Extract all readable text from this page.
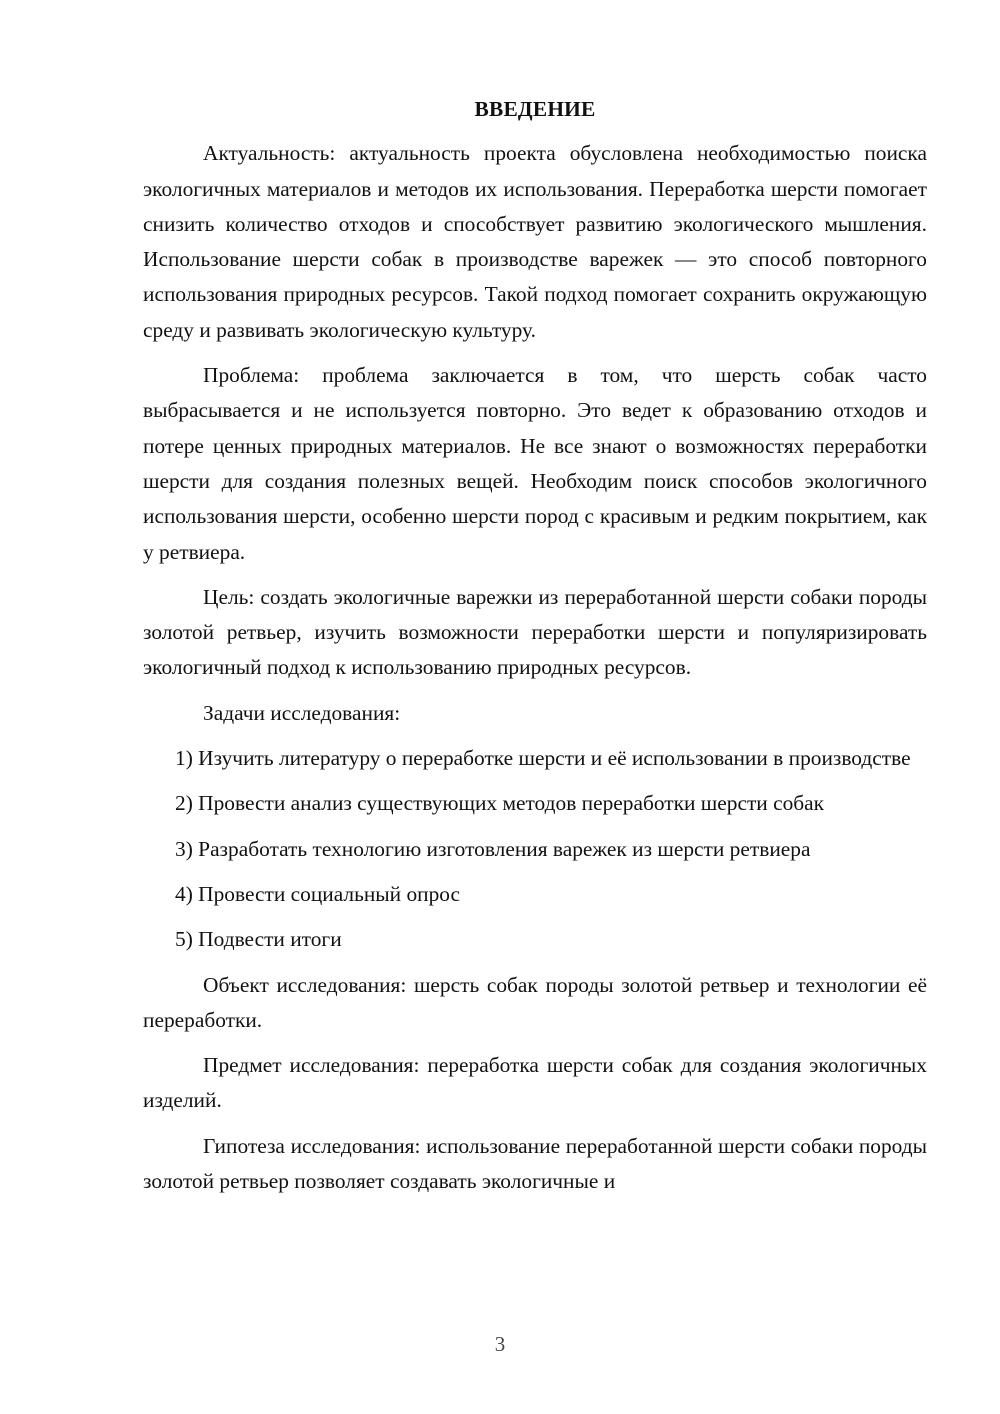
ВВЕДЕНИЕ

Актуальность: актуальность проекта обусловлена необходимостью поиска экологичных материалов и методов их использования. Переработка шерсти помогает снизить количество отходов и способствует развитию экологического мышления. Использование шерсти собак в производстве варежек — это способ повторного использования природных ресурсов. Такой подход помогает сохранить окружающую среду и развивать экологическую культуру.

Проблема: проблема заключается в том, что шерсть собак часто выбрасывается и не используется повторно. Это ведет к образованию отходов и потере ценных природных материалов. Не все знают о возможностях переработки шерсти для создания полезных вещей. Необходим поиск способов экологичного использования шерсти, особенно шерсти пород с красивым и редким покрытием, как у ретвиера.

Цель: создать экологичные варежки из переработанной шерсти собаки породы золотой ретвьер, изучить возможности переработки шерсти и популяризировать экологичный подход к использованию природных ресурсов.

Задачи исследования:

1) Изучить литературу о переработке шерсти и её использовании в производстве

2) Провести анализ существующих методов переработки шерсти собак

3) Разработать технологию изготовления варежек из шерсти ретвиера

4) Провести социальный опрос

5) Подвести итоги

Объект исследования: шерсть собак породы золотой ретвьер и технологии её переработки.

Предмет исследования: переработка шерсти собак для создания экологичных изделий.

Гипотеза исследования: использование переработанной шерсти собаки породы золотой ретвьер позволяет создавать экологичные и

3
